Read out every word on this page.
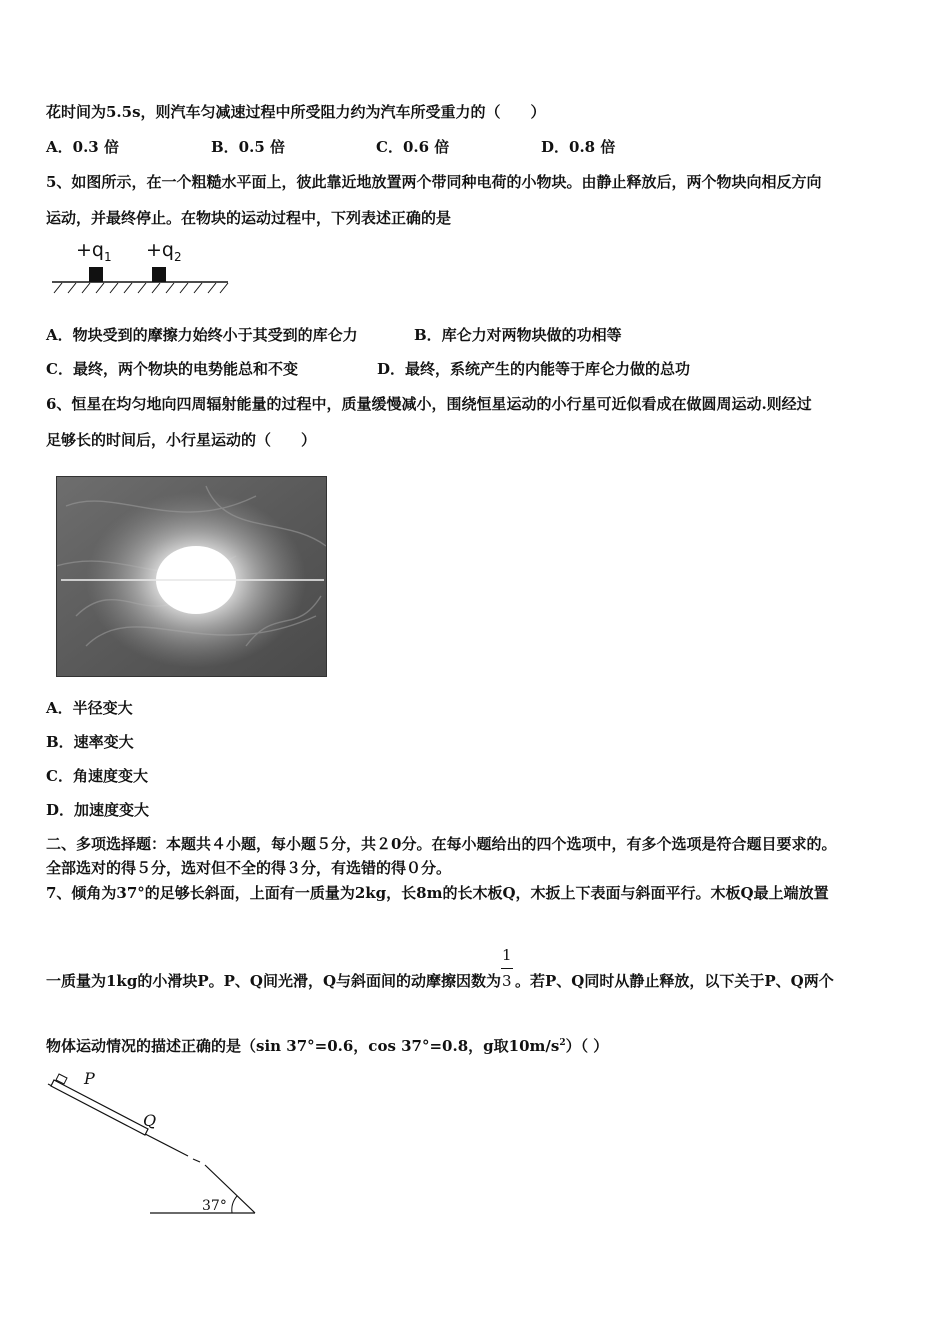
花时间为5.5s，则汽车匀减速过程中所受阻力约为汽车所受重力的（　　）
A．0.3 倍	B．0.5 倍	C．0.6 倍	D．0.8 倍
5、如图所示，在一个粗糙水平面上，彼此靠近地放置两个带同种电荷的小物块。由静止释放后，两个物块向相反方向
运动，并最终停止。在物块的运动过程中，下列表述正确的是
$+q_1 +q_2$
A．物块受到的摩擦力始终小于其受到的库仑力	B．库仑力对两物块做的功相等
C．最终，两个物块的电势能总和不变	D．最终，系统产生的内能等于库仑力做的总功
6、恒星在均匀地向四周辐射能量的过程中，质量缓慢减小，围绕恒星运动的小行星可近似看成在做圆周运动.则经过
足够长的时间后，小行星运动的（　　）
A．半径变大
B．速率变大
C．角速度变大
D．加速度变大
二、多项选择题：本题共４小题，每小题５分，共２0分。在每小题给出的四个选项中，有多个选项是符合题目要求的。
全部选对的得５分，选对但不全的得３分，有选错的得０分。
7、倾角为37°的足够长斜面，上面有一质量为2kg，长8m的长木板Q，木扳上下表面与斜面平行。木板Q最上端放置
一质量为1kg的小滑块P。P、Q间光滑，Q与斜面间的动摩擦因数为 $\frac{1}{3}$ 。若P、Q同时从静止释放，以下关于P、Q两个
物体运动情况的描述正确的是（sin 37°=0.6，cos 37°=0.8，g取$10m/s^2$）（ ）
P
Q
37°
